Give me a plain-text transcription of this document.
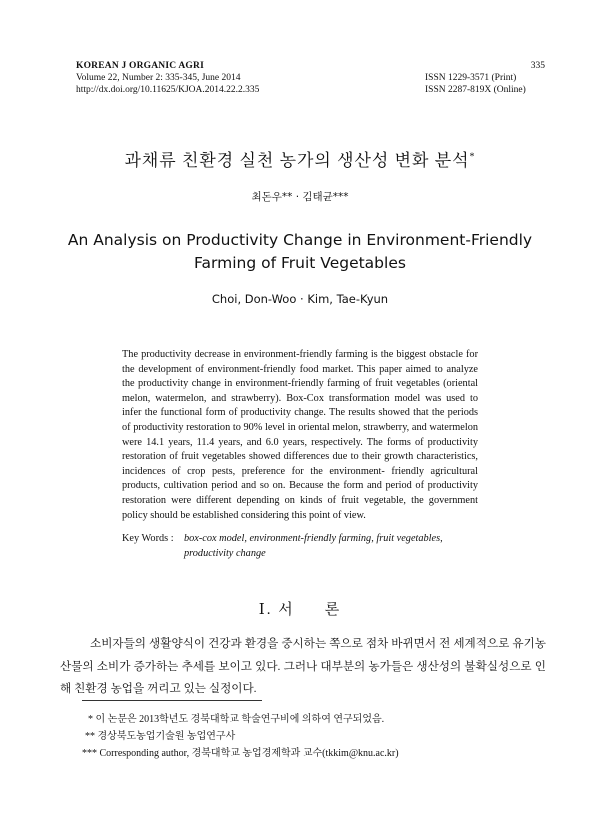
KOREAN J ORGANIC AGRI
Volume 22, Number 2: 335-345, June 2014
http://dx.doi.org/10.11625/KJOA.2014.22.2.335
335
ISSN 1229-3571 (Print)
ISSN 2287-819X (Online)
과채류 친환경 실천 농가의 생산성 변화 분석*
최돈우** · 김태균***
An Analysis on Productivity Change in Environment-Friendly
Farming of Fruit Vegetables
Choi, Don-Woo · Kim, Tae-Kyun
The productivity decrease in environment-friendly farming is the biggest obstacle for the development of environment-friendly food market. This paper aimed to analyze the productivity change in environment-friendly farming of fruit vegetables (oriental melon, watermelon, and strawberry). Box-Cox transformation model was used to infer the functional form of productivity change. The results showed that the periods of productivity restoration to 90% level in oriental melon, strawberry, and watermelon were 14.1 years, 11.4 years, and 6.0 years, respectively. The forms of productivity restoration of fruit vegetables showed differences due to their growth characteristics, incidences of crop pests, preference for the environment- friendly agricultural products, cultivation period and so on. Because the form and period of productivity restoration were different depending on kinds of fruit vegetable, the government policy should be established considering this point of view.
Key Words : box-cox model, environment-friendly farming, fruit vegetables,
productivity change
Ⅰ. 서 론
소비자들의 생활양식이 건강과 환경을 중시하는 쪽으로 점차 바뀌면서 전 세계적으로 유기농산물의 소비가 증가하는 추세를 보이고 있다. 그러나 대부분의 농가들은 생산성의 불확실성으로 인해 친환경 농업을 꺼리고 있는 실정이다.
* 이 논문은 2013학년도 경북대학교 학술연구비에 의하여 연구되었음.
** 경상북도농업기술원 농업연구사
*** Corresponding author, 경북대학교 농업경제학과 교수(tkkim@knu.ac.kr)
